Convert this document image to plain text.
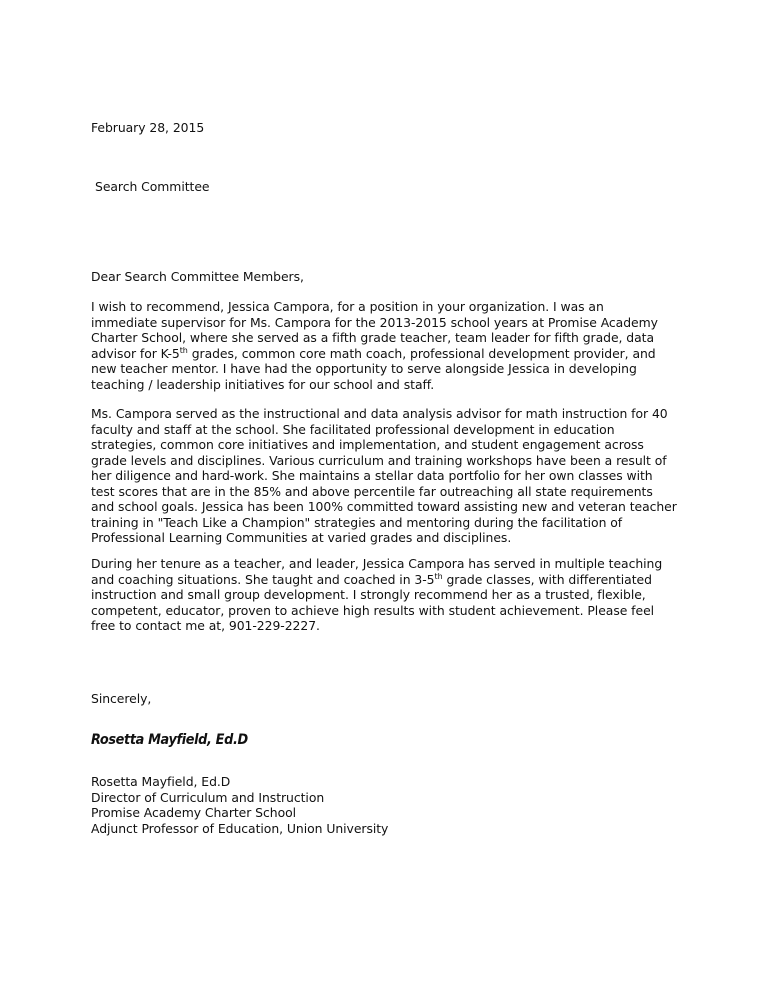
February 28, 2015
Search Committee
Dear Search Committee Members,
I wish to recommend, Jessica Campora, for a position in your organization. I was an
immediate supervisor for Ms. Campora for the 2013-2015 school years at Promise Academy
Charter School, where she served as a fifth grade teacher, team leader for fifth grade, data
advisor for K-5th grades, common core math coach, professional development provider, and
new teacher mentor. I have had the opportunity to serve alongside Jessica in developing
teaching / leadership initiatives for our school and staff.
Ms. Campora served as the instructional and data analysis advisor for math instruction for 40
faculty and staff at the school. She facilitated professional development in education
strategies, common core initiatives and implementation, and student engagement across
grade levels and disciplines. Various curriculum and training workshops have been a result of
her diligence and hard-work. She maintains a stellar data portfolio for her own classes with
test scores that are in the 85% and above percentile far outreaching all state requirements
and school goals. Jessica has been 100% committed toward assisting new and veteran teacher
training in "Teach Like a Champion" strategies and mentoring during the facilitation of
Professional Learning Communities at varied grades and disciplines.
During her tenure as a teacher, and leader, Jessica Campora has served in multiple teaching
and coaching situations. She taught and coached in 3-5th grade classes, with differentiated
instruction and small group development. I strongly recommend her as a trusted, flexible,
competent, educator, proven to achieve high results with student achievement. Please feel
free to contact me at, 901-229-2227.
Sincerely,
Rosetta Mayfield, Ed.D
Rosetta Mayfield, Ed.D
Director of Curriculum and Instruction
Promise Academy Charter School
Adjunct Professor of Education, Union University
